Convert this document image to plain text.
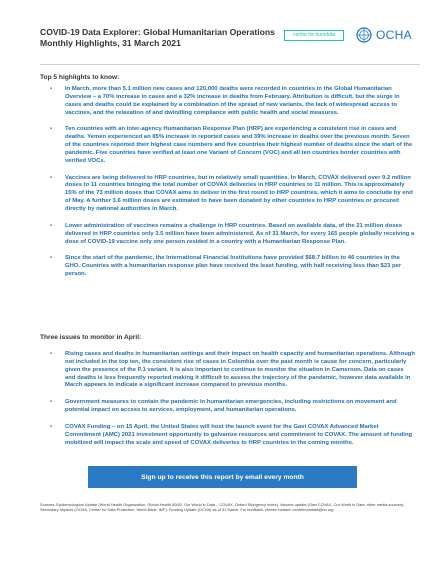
COVID-19 Data Explorer: Global Humanitarian Operations
Monthly Highlights, 31 March 2021
centre for humdata	OCHA
Top 5 highlights to know:
• In March, more than 5.1 million new cases and 120,000 deaths were recorded in countries in the Global Humanitarian Overview – a 70% increase in cases and a 32% increase in deaths from February. Attribution is difficult, but the surge in cases and deaths could be explained by a combination of the spread of new variants, the lack of widespread access to vaccines, and the relaxation of and dwindling compliance with public health and social measures.
• Ten countries with an inter-agency Humanitarian Response Plan (HRP) are experiencing a consistent rise in cases and deaths. Yemen experienced an 85% increase in reported cases and 39% increase in deaths over the previous month. Seven of the countries reported their highest case numbers and five countries their highest number of deaths since the start of the pandemic. Five countries have verified at least one Variant of Concern (VOC) and all ten countries border countries with verified VOCs.
• Vaccines are being delivered to HRP countries, but in relatively small quantities. In March, COVAX delivered over 9.2 million doses to 11 countries bringing the total number of COVAX deliveries in HRP countries to 11 million. This is approximately 15% of the 73 million doses that COVAX aims to deliver in the first round to HRP countries, which it aims to conclude by end of May. A further 3.6 million doses are estimated to have been donated by other countries to HRP countries or procured directly by national authorities in March.
• Lower administration of vaccines remains a challenge in HRP countries. Based on available data, of the 21 million doses delivered in HRP countries only 3.5 million have been administered. As of 31 March, for every 165 people globally receiving a dose of COVID-19 vaccine only one person resided in a country with a Humanitarian Response Plan.
• Since the start of the pandemic, the International Financial Institutions have provided $68.7 billion to 46 countries in the GHO. Countries with a humanitarian response plan have received the least funding, with half receiving less than $23 per person.
Three issues to monitor in April:
• Rising cases and deaths in humanitarian settings and their impact on health capacity and humanitarian operations. Although not included in the top ten, the consistent rise of cases in Colombia over the past month is cause for concern, particularly given the presence of the P.1 variant. It is also important to continue to monitor the situation in Cameroon. Data on cases and deaths is less frequently reported making it difficult to assess the trajectory of the pandemic, however data available in March appears to indicate a significant increase compared to previous months.
• Government measures to contain the pandemic in humanitarian emergencies, including restrictions on movement and potential impact on access to services, employment, and humanitarian operations.
• COVAX Funding – on 15 April, the United States will host the launch event for the Gavi COVAX Advanced Market Commitment (AMC) 2021 investment opportunity to galvanize resources and commitment to COVAX. The amount of funding mobilized will impact the scale and speed of COVAX deliveries to HRP countries in the coming months.
Sign up to receive this report by email every month
Sources: Epidemiological Update (World Health Organization, Global Health 50/50, Our World in Data – COVAX, Oxford Stringency Index), Vaccine update (Gavi COVAX, Our World in Data, other media sources); Secondary Impacts (OCHA, Center for Data Protection, World Bank, IMF); Funding Update (OCHA) as of 31 March. For feedback, please contact: centrehumdata@un.org
